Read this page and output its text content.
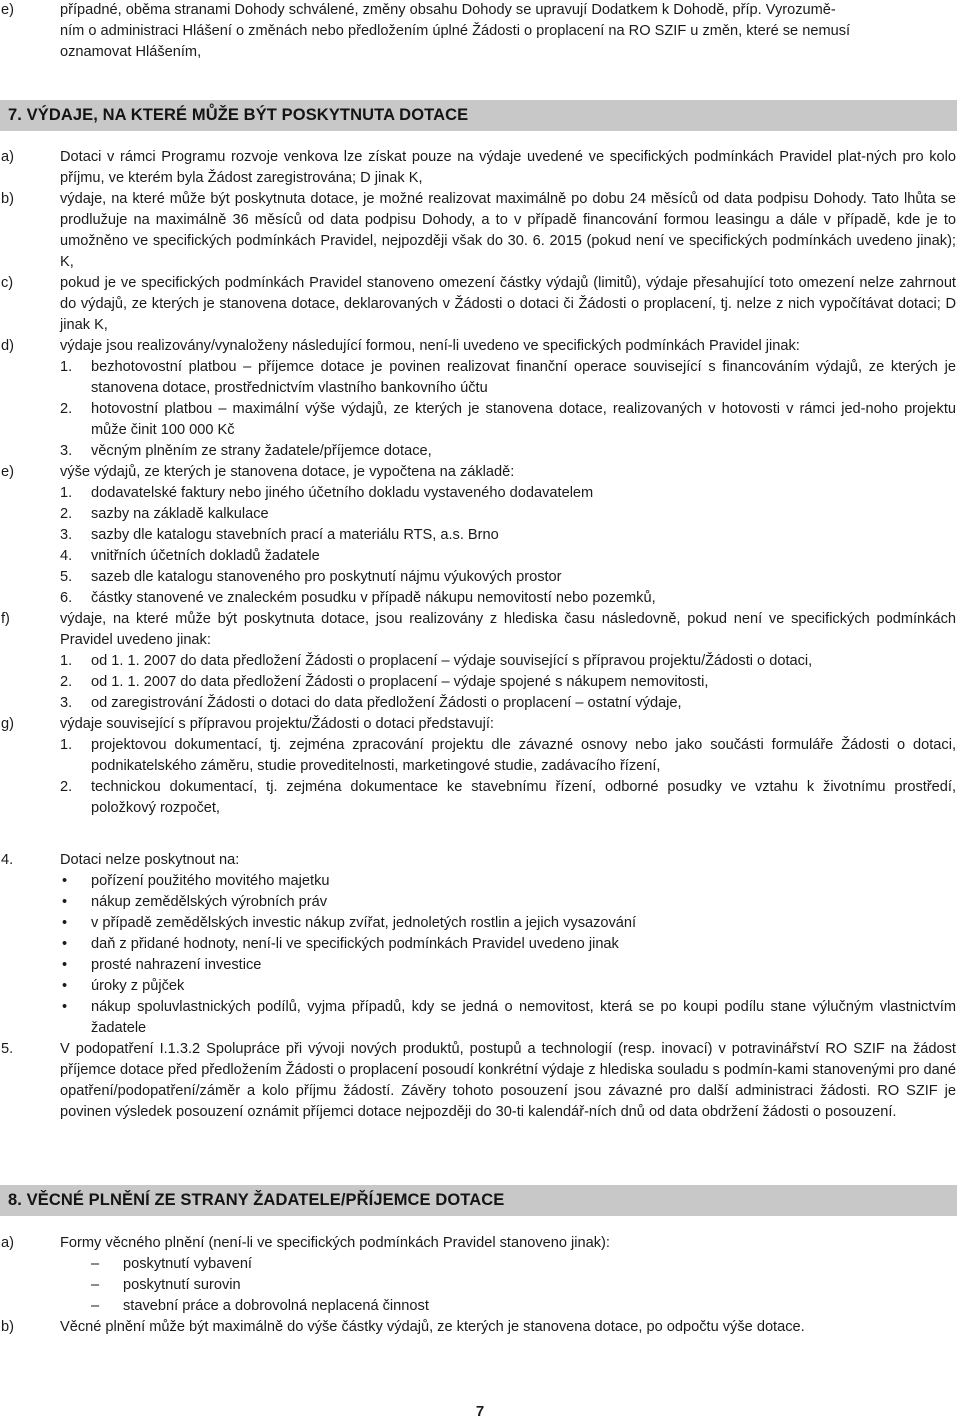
e)	případné, oběma stranami Dohody schválené, změny obsahu Dohody se upravují Dodatkem k Dohodě, příp. Vyrozumě-
ním o administraci Hlášení o změnách nebo předložením úplné Žádosti o proplacení na RO SZIF u změn, které se nemusí
oznamovat Hlášením,
7. VÝDAJE, NA KTERÉ MŮŽE BÝT POSKYTNUTA DOTACE
a)	Dotaci v rámci Programu rozvoje venkova lze získat pouze na výdaje uvedené ve specifických podmínkách Pravidel plat-ných pro kolo příjmu, ve kterém byla Žádost zaregistrována; D jinak K,
b)	výdaje, na které může být poskytnuta dotace, je možné realizovat maximálně po dobu 24 měsíců od data podpisu Dohody. Tato lhůta se prodlužuje na maximálně 36 měsíců od data podpisu Dohody, a to v případě financování formou leasingu a dále v případě, kde je to umožněno ve specifických podmínkách Pravidel, nejpozději však do 30. 6. 2015 (pokud není ve specifických podmínkách uvedeno jinak); K,
c)	pokud je ve specifických podmínkách Pravidel stanoveno omezení částky výdajů (limitů), výdaje přesahující toto omezení nelze zahrnout do výdajů, ze kterých je stanovena dotace, deklarovaných v Žádosti o dotaci či Žádosti o proplacení, tj. nelze z nich vypočítávat dotaci; D jinak K,
d)	výdaje jsou realizovány/vynaloženy následující formou, není-li uvedeno ve specifických podmínkách Pravidel jinak:
1. bezhotovostní platbou – příjemce dotace je povinen realizovat finanční operace související s financováním výdajů, ze kterých je stanovena dotace, prostřednictvím vlastního bankovního účtu
2. hotovostní platbou – maximální výše výdajů, ze kterých je stanovena dotace, realizovaných v hotovosti v rámci jed-noho projektu může činit 100 000 Kč
3. věcným plněním ze strany žadatele/příjemce dotace,
e)	výše výdajů, ze kterých je stanovena dotace, je vypočtena na základě:
1. dodavatelské faktury nebo jiného účetního dokladu vystaveného dodavatelem
2. sazby na základě kalkulace
3. sazby dle katalogu stavebních prací a materiálu RTS, a.s. Brno
4. vnitřních účetních dokladů žadatele
5. sazeb dle katalogu stanoveného pro poskytnutí nájmu výukových prostor
6. částky stanovené ve znaleckém posudku v případě nákupu nemovitostí nebo pozemků,
f)	výdaje, na které může být poskytnuta dotace, jsou realizovány z hlediska času následovně, pokud není ve specifických podmínkách Pravidel uvedeno jinak:
1. od 1. 1. 2007 do data předložení Žádosti o proplacení – výdaje související s přípravou projektu/Žádosti o dotaci,
2. od 1. 1. 2007 do data předložení Žádosti o proplacení – výdaje spojené s nákupem nemovitosti,
3. od zaregistrování Žádosti o dotaci do data předložení Žádosti o proplacení – ostatní výdaje,
g)	výdaje související s přípravou projektu/Žádosti o dotaci představují:
1. projektovou dokumentací, tj. zejména zpracování projektu dle závazné osnovy nebo jako součásti formuláře Žádosti o dotaci, podnikatelského záměru, studie proveditelnosti, marketingové studie, zadávacího řízení,
2. technickou dokumentací, tj. zejména dokumentace ke stavebnímu řízení, odborné posudky ve vztahu k životnímu prostředí, položkový rozpočet,
4.	Dotaci nelze poskytnout na:
• pořízení použitého movitého majetku
• nákup zemědělských výrobních práv
• v případě zemědělských investic nákup zvířat, jednoletých rostlin a jejich vysazování
• daň z přidané hodnoty, není-li ve specifických podmínkách Pravidel uvedeno jinak
• prosté nahrazení investice
• úroky z půjček
• nákup spoluvlastnických podílů, vyjma případů, kdy se jedná o nemovitost, která se po koupi podílu stane výlučným vlastnictvím žadatele
5.	V podopatření I.1.3.2 Spolupráce při vývoji nových produktů, postupů a technologií (resp. inovací) v potravinářství RO SZIF na žádost příjemce dotace před předložením Žádosti o proplacení posoudí konkrétní výdaje z hlediska souladu s podmín-kami stanovenými pro dané opatření/podopatření/záměr a kolo příjmu žádostí. Závěry tohoto posouzení jsou závazné pro další administraci žádosti. RO SZIF je povinen výsledek posouzení oznámit příjemci dotace nejpozději do 30-ti kalendář-ních dnů od data obdržení žádosti o posouzení.
8. VĚCNÉ PLNĚNÍ ZE STRANY ŽADATELE/PŘÍJEMCE DOTACE
a)	Formy věcného plnění (není-li ve specifických podmínkách Pravidel stanoveno jinak):
– poskytnutí vybavení
– poskytnutí surovin
– stavební práce a dobrovolná neplacená činnost
b)	Věcné plnění může být maximálně do výše částky výdajů, ze kterých je stanovena dotace, po odpočtu výše dotace.
7
